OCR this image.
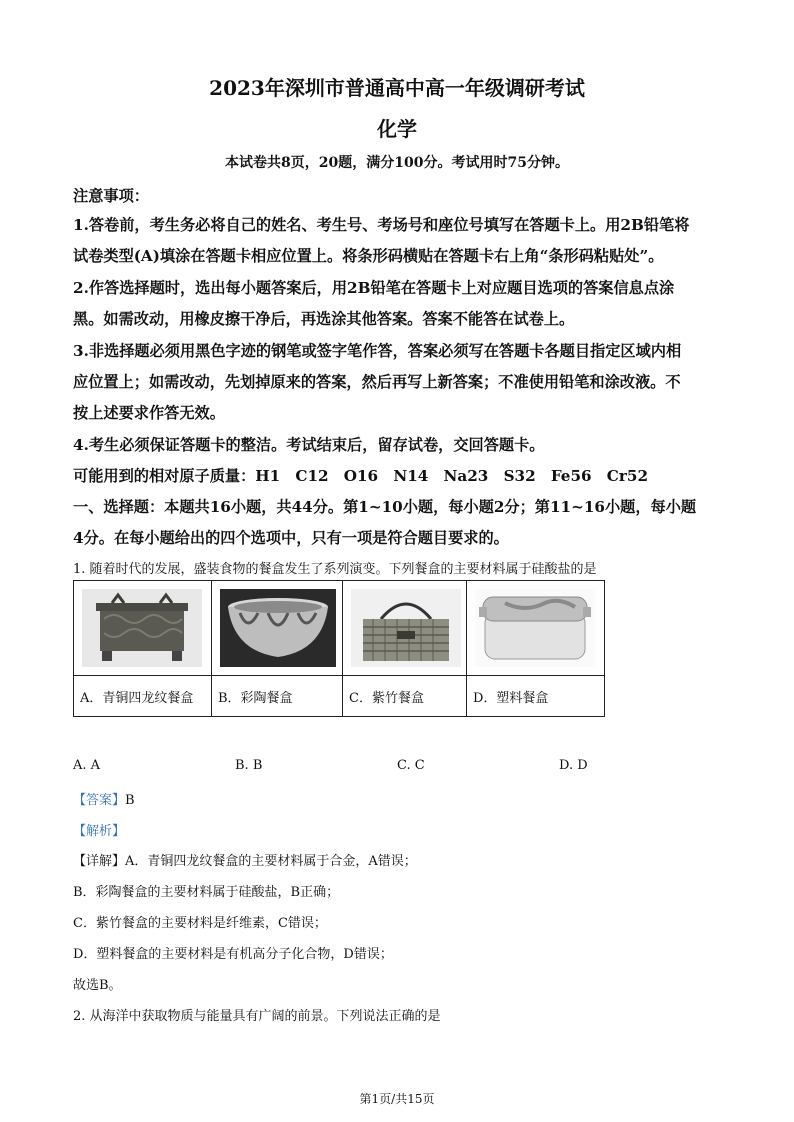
2023年深圳市普通高中高一年级调研考试
化学
本试卷共8页，20题，满分100分。考试用时75分钟。
注意事项：
1.答卷前，考生务必将自己的姓名、考生号、考场号和座位号填写在答题卡上。用2B铅笔将
试卷类型(A)填涂在答题卡相应位置上。将条形码横贴在答题卡右上角“条形码粘贴处”。
2.作答选择题时，选出每小题答案后，用2B铅笔在答题卡上对应题目选项的答案信息点涂
黑。如需改动，用橡皮擦干净后，再选涂其他答案。答案不能答在试卷上。
3.非选择题必须用黑色字迹的钢笔或签字笔作答，答案必须写在答题卡各题目指定区域内相
应位置上；如需改动，先划掉原来的答案，然后再写上新答案；不准使用铅笔和涂改液。不
按上述要求作答无效。
4.考生必须保证答题卡的整洁。考试结束后，留存试卷，交回答题卡。
可能用到的相对原子质量：H1　C12　O16　N14　Na23　S32　Fe56　Cr52
一、选择题：本题共16小题，共44分。第1~10小题，每小题2分；第11~16小题，每小题
4分。在每小题给出的四个选项中，只有一项是符合题目要求的。
1. 随着时代的发展，盛装食物的餐盒发生了系列演变。下列餐盒的主要材料属于硅酸盐的是

A．青铜四龙纹餐盒	B．彩陶餐盒	C．紫竹餐盒	D．塑料餐盒
A. A	B. B	C. C	D. D
【答案】B
【解析】
【详解】A．青铜四龙纹餐盒的主要材料属于合金，A错误；
B．彩陶餐盒的主要材料属于硅酸盐，B正确；
C．紫竹餐盒的主要材料是纤维素，C错误；
D．塑料餐盒的主要材料是有机高分子化合物，D错误；
故选B。
2. 从海洋中获取物质与能量具有广阔的前景。下列说法正确的是
第1页/共15页
